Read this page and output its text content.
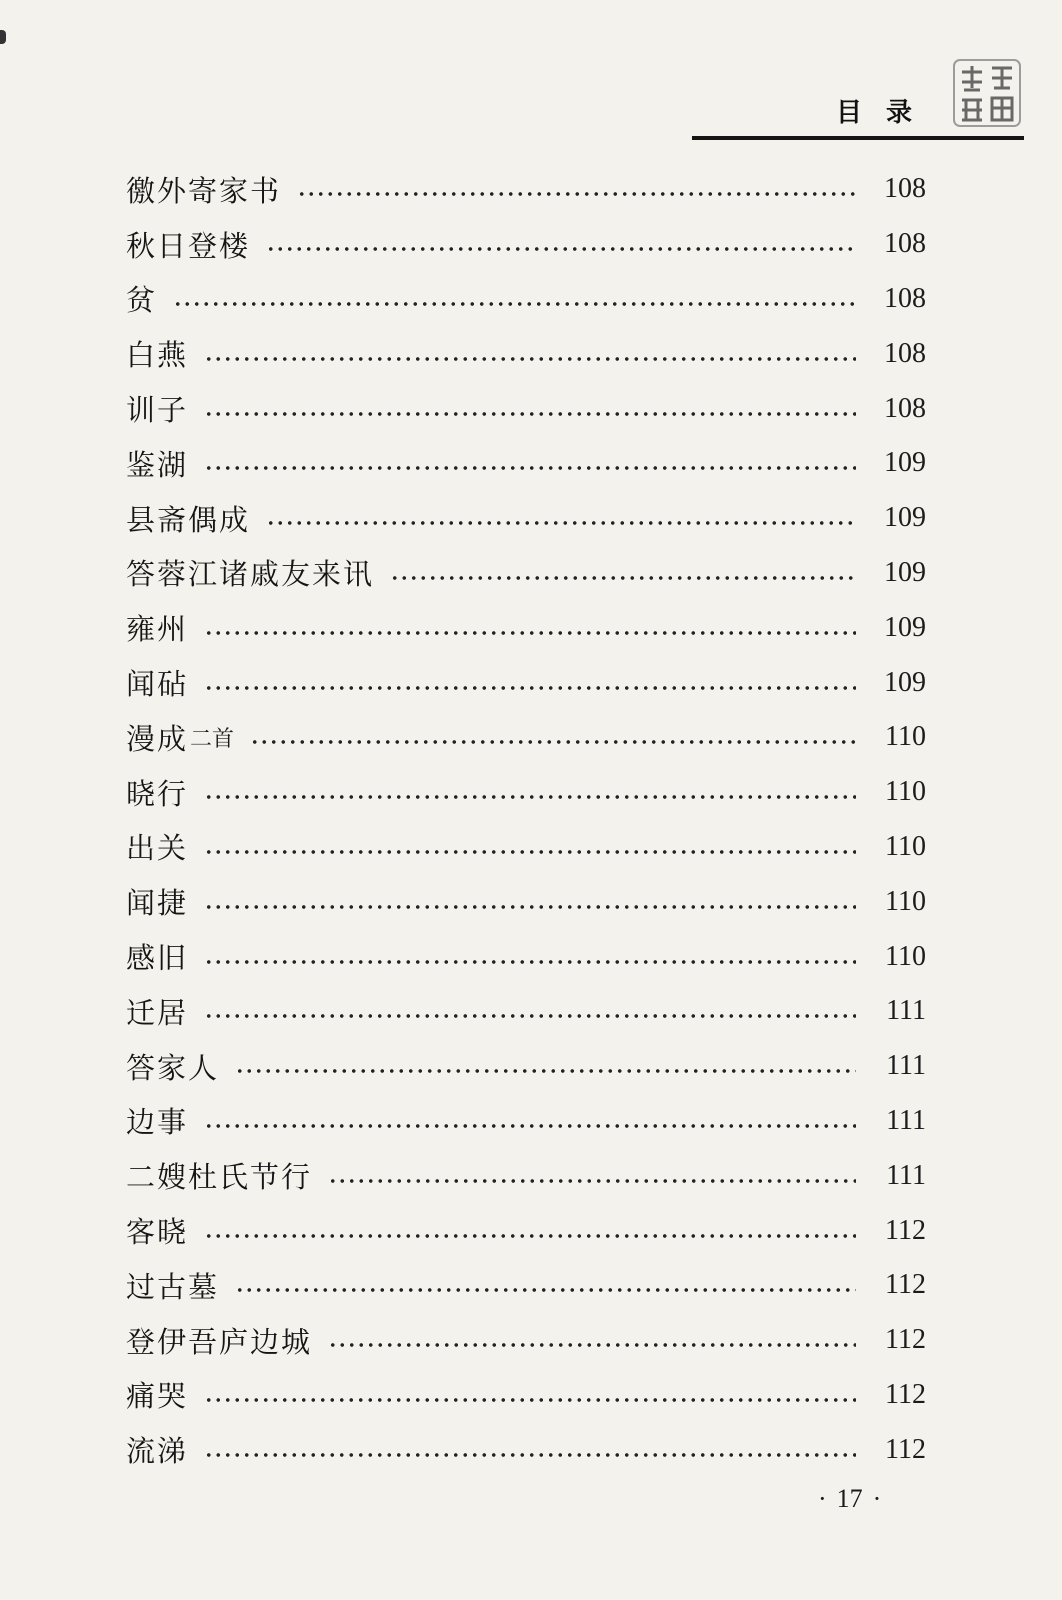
目录
徼外寄家书	108
秋日登楼	108
贫	108
白燕	108
训子	108
鉴湖	109
县斋偶成	109
答蓉江诸戚友来讯	109
雍州	109
闻砧	109
漫成 二首	110
晓行	110
出关	110
闻捷	110
感旧	110
迁居	111
答家人	111
边事	111
二嫂杜氏节行	111
客晓	112
过古墓	112
登伊吾庐边城	112
痛哭	112
流涕	112
· 17 ·
